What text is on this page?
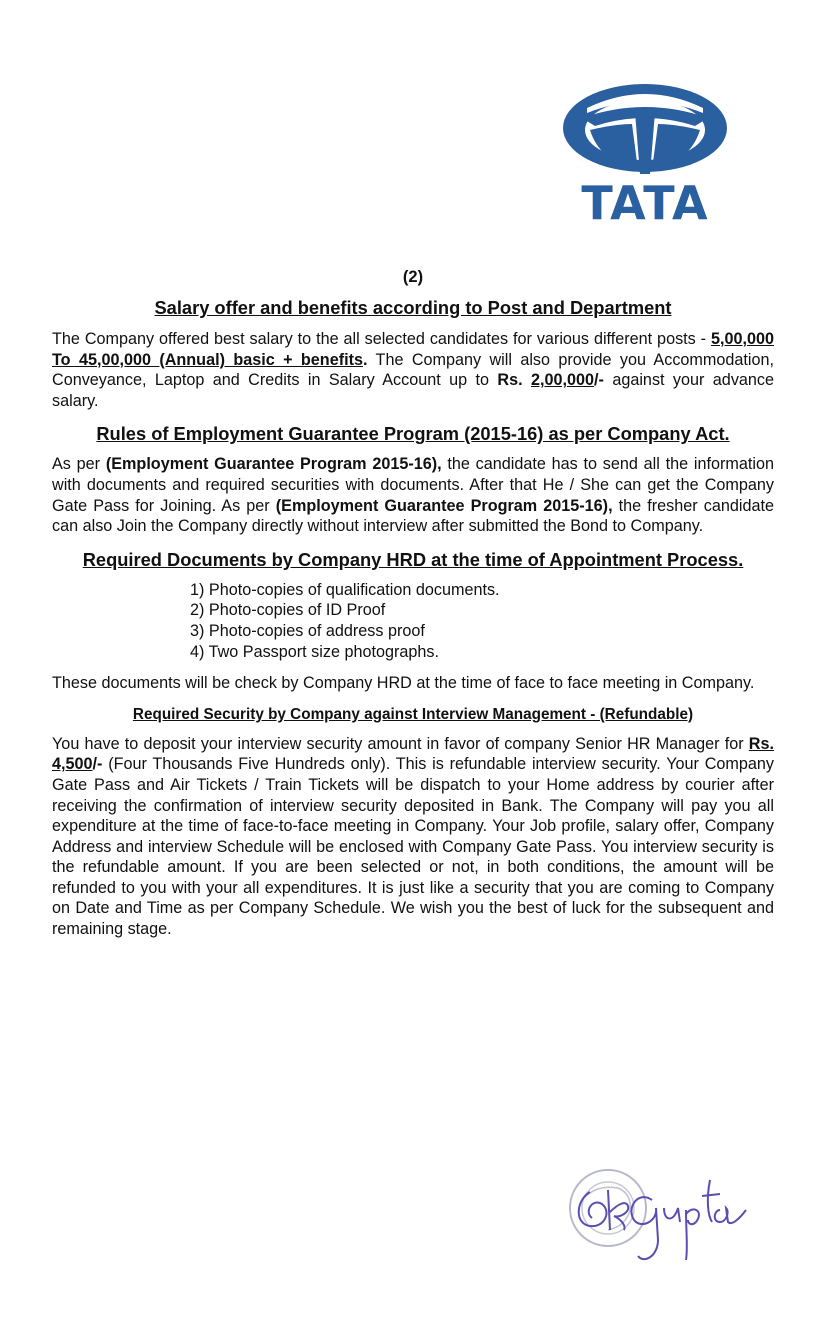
TATA
(2)
Salary offer and benefits according to Post and Department

The Company offered best salary to the all selected candidates for various different posts - 5,00,000 To 45,00,000 (Annual) basic + benefits. The Company will also provide you Accommodation, Conveyance, Laptop and Credits in Salary Account up to Rs. 2,00,000/- against your advance salary.

Rules of Employment Guarantee Program (2015-16) as per Company Act.

As per (Employment Guarantee Program 2015-16), the candidate has to send all the information with documents and required securities with documents. After that He / She can get the Company Gate Pass for Joining. As per (Employment Guarantee Program 2015-16), the fresher candidate can also Join the Company directly without interview after submitted the Bond to Company.

Required Documents by Company HRD at the time of Appointment Process.
1) Photo-copies of qualification documents.
2) Photo-copies of ID Proof
3) Photo-copies of address proof
4) Two Passport size photographs.

These documents will be check by Company HRD at the time of face to face meeting in Company.

Required Security by Company against Interview Management - (Refundable)

You have to deposit your interview security amount in favor of company Senior HR Manager for Rs. 4,500/- (Four Thousands Five Hundreds only). This is refundable interview security. Your Company Gate Pass and Air Tickets / Train Tickets will be dispatch to your Home address by courier after receiving the confirmation of interview security deposited in Bank. The Company will pay you all expenditure at the time of face-to-face meeting in Company. Your Job profile, salary offer, Company Address and interview Schedule will be enclosed with Company Gate Pass. You interview security is the refundable amount. If you are been selected or not, in both conditions, the amount will be refunded to you with your all expenditures. It is just like a security that you are coming to Company on Date and Time as per Company Schedule. We wish you the best of luck for the subsequent and remaining stage.
